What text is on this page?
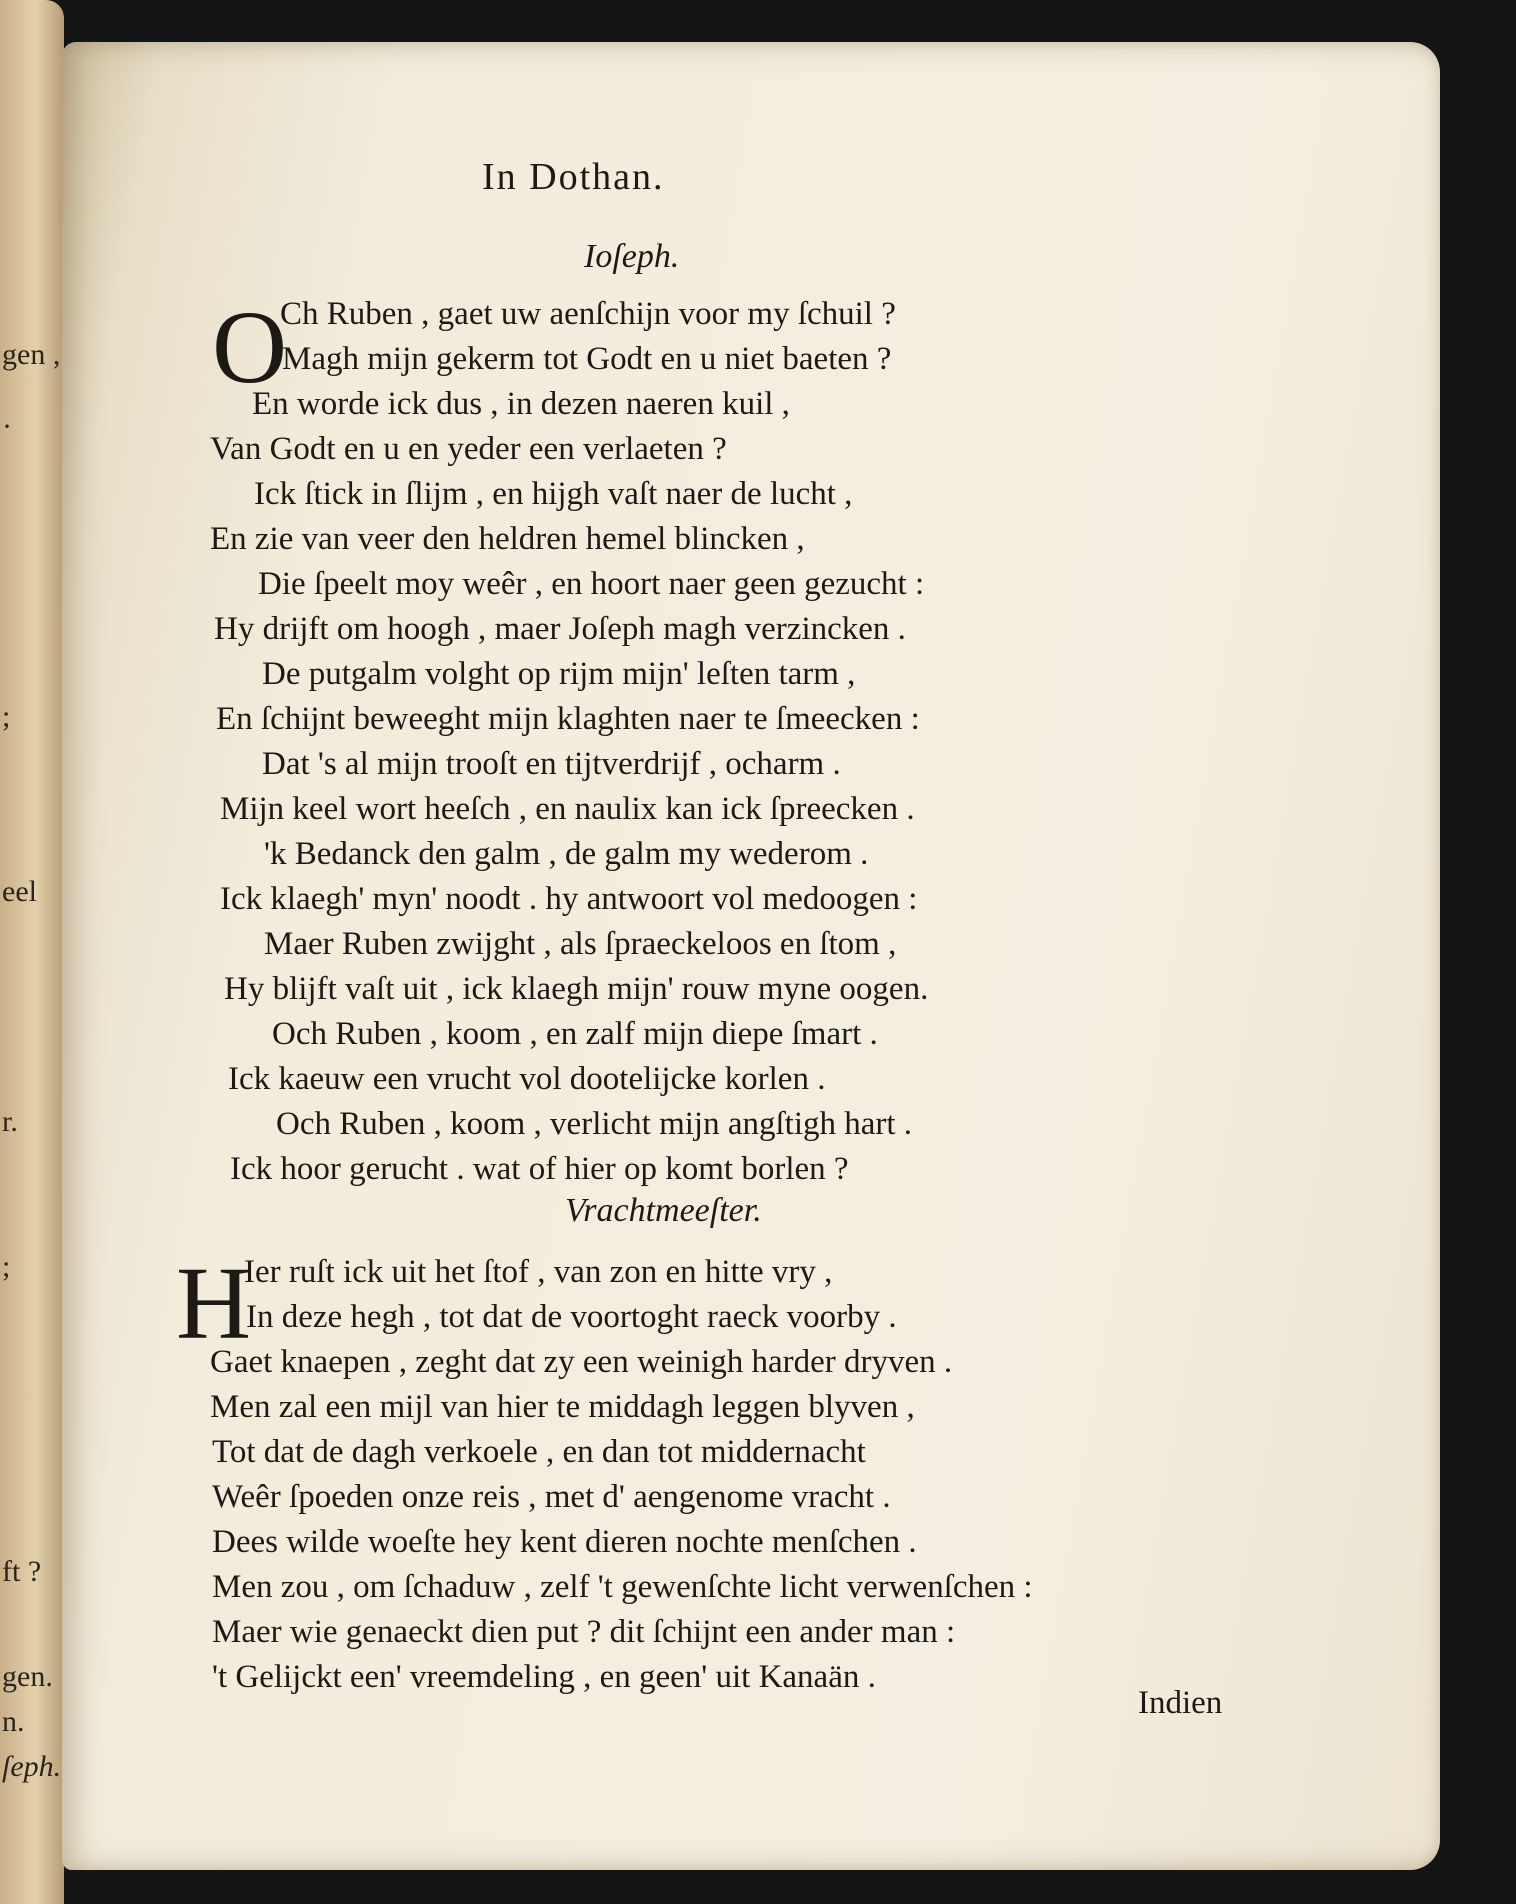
gen ,
·
;
eel
r.
;
ft ?
gen.
n.
ſeph.
In Dothan.
Ioſeph.
O
Ch Ruben , gaet uw aenſchijn voor my ſchuil ?
Magh mijn gekerm tot Godt en u niet baeten ?
En worde ick dus , in dezen naeren kuil ,
Van Godt en u en yeder een verlaeten ?
Ick ſtick in ſlijm , en hijgh vaſt naer de lucht ,
En zie van veer den heldren hemel blincken ,
Die ſpeelt moy weêr , en hoort naer geen gezucht :
Hy drijft om hoogh , maer Joſeph magh verzincken .
De putgalm volght op rijm mijn' leſten tarm ,
En ſchijnt beweeght mijn klaghten naer te ſmeecken :
Dat 's al mijn trooſt en tijtverdrijf , ocharm .
Mijn keel wort heeſch , en naulix kan ick ſpreecken .
'k Bedanck den galm , de galm my wederom .
Ick klaegh' myn' noodt . hy antwoort vol medoogen :
Maer Ruben zwijght , als ſpraeckeloos en ſtom ,
Hy blijft vaſt uit , ick klaegh mijn' rouw myne oogen.
Och Ruben , koom , en zalf mijn diepe ſmart .
Ick kaeuw een vrucht vol dootelijcke korlen .
Och Ruben , koom , verlicht mijn angſtigh hart .
Ick hoor gerucht . wat of hier op komt borlen ?
Vrachtmeeſter.
H
Ier ruſt ick uit het ſtof , van zon en hitte vry ,
In deze hegh , tot dat de voortoght raeck voorby .
Gaet knaepen , zeght dat zy een weinigh harder dryven .
Men zal een mijl van hier te middagh leggen blyven ,
Tot dat de dagh verkoele , en dan tot middernacht
Weêr ſpoeden onze reis , met d' aengenome vracht .
Dees wilde woeſte hey kent dieren nochte menſchen .
Men zou , om ſchaduw , zelf 't gewenſchte licht verwenſchen :
Maer wie genaeckt dien put ? dit ſchijnt een ander man :
't Gelijckt een' vreemdeling , en geen' uit Kanaän .
Indien
